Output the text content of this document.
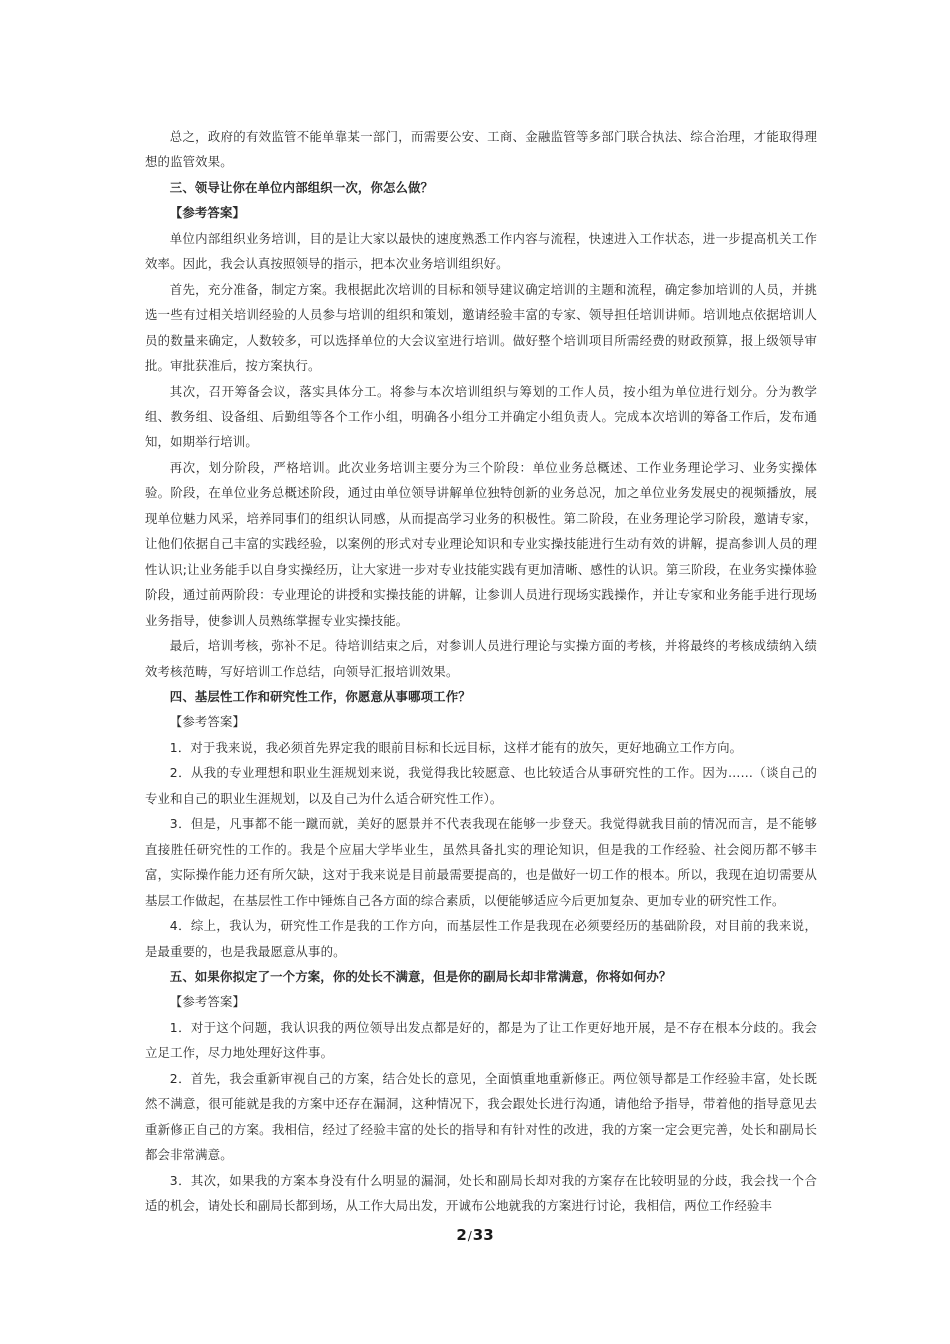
总之，政府的有效监管不能单靠某一部门，而需要公安、工商、金融监管等多部门联合执法、综合治理，才能取得理想的监管效果。

三、领导让你在单位内部组织一次，你怎么做？

【参考答案】

单位内部组织业务培训，目的是让大家以最快的速度熟悉工作内容与流程，快速进入工作状态，进一步提高机关工作效率。因此，我会认真按照领导的指示，把本次业务培训组织好。

首先，充分准备，制定方案。我根据此次培训的目标和领导建议确定培训的主题和流程，确定参加培训的人员，并挑选一些有过相关培训经验的人员参与培训的组织和策划，邀请经验丰富的专家、领导担任培训讲师。培训地点依据培训人员的数量来确定，人数较多，可以选择单位的大会议室进行培训。做好整个培训项目所需经费的财政预算，报上级领导审批。审批获准后，按方案执行。

其次，召开筹备会议，落实具体分工。将参与本次培训组织与筹划的工作人员，按小组为单位进行划分。分为教学组、教务组、设备组、后勤组等各个工作小组，明确各小组分工并确定小组负责人。完成本次培训的筹备工作后，发布通知，如期举行培训。

再次，划分阶段，严格培训。此次业务培训主要分为三个阶段：单位业务总概述、工作业务理论学习、业务实操体验。阶段，在单位业务总概述阶段，通过由单位领导讲解单位独特创新的业务总况，加之单位业务发展史的视频播放，展现单位魅力风采，培养同事们的组织认同感，从而提高学习业务的积极性。第二阶段，在业务理论学习阶段，邀请专家，让他们依据自己丰富的实践经验，以案例的形式对专业理论知识和专业实操技能进行生动有效的讲解，提高参训人员的理性认识;让业务能手以自身实操经历，让大家进一步对专业技能实践有更加清晰、感性的认识。第三阶段，在业务实操体验阶段，通过前两阶段：专业理论的讲授和实操技能的讲解，让参训人员进行现场实践操作，并让专家和业务能手进行现场业务指导，使参训人员熟练掌握专业实操技能。

最后，培训考核，弥补不足。待培训结束之后，对参训人员进行理论与实操方面的考核，并将最终的考核成绩纳入绩效考核范畴，写好培训工作总结，向领导汇报培训效果。

四、基层性工作和研究性工作，你愿意从事哪项工作？

【参考答案】

1．对于我来说，我必须首先界定我的眼前目标和长远目标，这样才能有的放矢，更好地确立工作方向。

2．从我的专业理想和职业生涯规划来说，我觉得我比较愿意、也比较适合从事研究性的工作。因为……（谈自己的专业和自己的职业生涯规划，以及自己为什么适合研究性工作）。

3．但是，凡事都不能一蹴而就，美好的愿景并不代表我现在能够一步登天。我觉得就我目前的情况而言，是不能够直接胜任研究性的工作的。我是个应届大学毕业生，虽然具备扎实的理论知识，但是我的工作经验、社会阅历都不够丰富，实际操作能力还有所欠缺，这对于我来说是目前最需要提高的，也是做好一切工作的根本。所以，我现在迫切需要从基层工作做起，在基层性工作中锤炼自己各方面的综合素质，以便能够适应今后更加复杂、更加专业的研究性工作。

4．综上，我认为，研究性工作是我的工作方向，而基层性工作是我现在必须要经历的基础阶段，对目前的我来说，是最重要的，也是我最愿意从事的。

五、如果你拟定了一个方案，你的处长不满意，但是你的副局长却非常满意，你将如何办？

【参考答案】

1．对于这个问题，我认识我的两位领导出发点都是好的，都是为了让工作更好地开展，是不存在根本分歧的。我会立足工作，尽力地处理好这件事。

2．首先，我会重新审视自己的方案，结合处长的意见，全面慎重地重新修正。两位领导都是工作经验丰富，处长既然不满意，很可能就是我的方案中还存在漏洞，这种情况下，我会跟处长进行沟通，请他给予指导，带着他的指导意见去重新修正自己的方案。我相信，经过了经验丰富的处长的指导和有针对性的改进，我的方案一定会更完善，处长和副局长都会非常满意。

3．其次，如果我的方案本身没有什么明显的漏洞，处长和副局长却对我的方案存在比较明显的分歧，我会找一个合适的机会，请处长和副局长都到场，从工作大局出发，开诚布公地就我的方案进行讨论，我相信，两位工作经验丰

2/33
